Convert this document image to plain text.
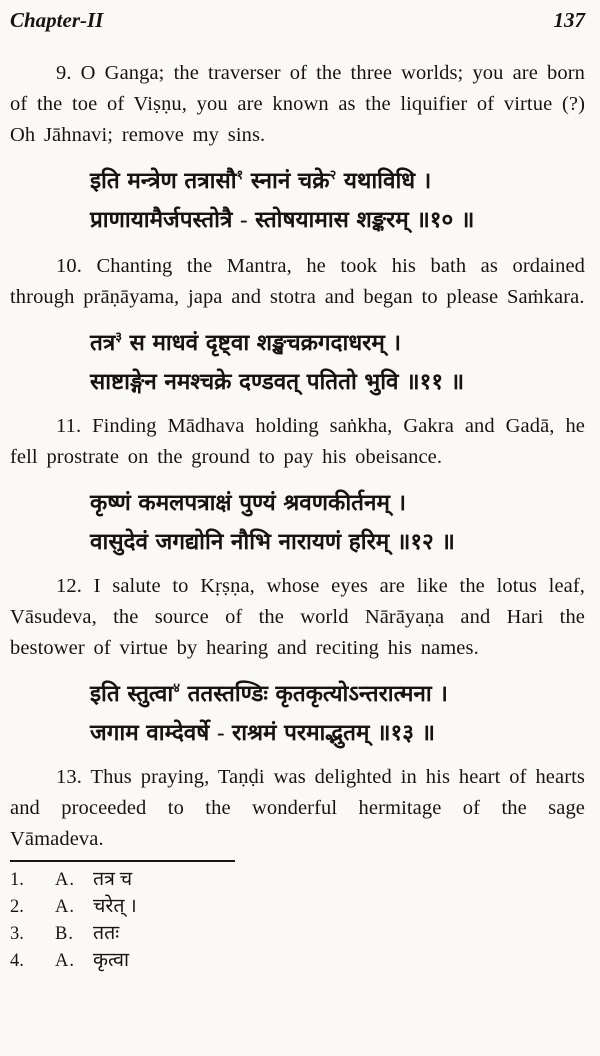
Chapter-II	137

9. O Ganga; the traverser of the three worlds; you are born of the toe of Viṣṇu, you are known as the liquifier of virtue (?) Oh Jāhnavi; remove my sins.

इति मन्त्रेण तत्रासौ$^१$ स्नानं चक्रे$^२$ यथाविधि ।
प्राणायामैर्जपस्तोत्रै - स्तोषयामास शङ्करम् ॥१० ॥

10. Chanting the Mantra, he took his bath as ordained through prāṇāyama, japa and stotra and began to please Saṁkara.

तत्र$^३$ स माधवं दृष्ट्वा शङ्खचक्रगदाधरम् ।
साष्टाङ्गेन नमश्चक्रे दण्डवत् पतितो भुवि ॥११ ॥

11. Finding Mādhava holding saṅkha, Gakra and Gadā, he fell prostrate on the ground to pay his obeisance.

कृष्णं कमलपत्राक्षं पुण्यं श्रवणकीर्तनम् ।
वासुदेवं जगद्योनि नौभि नारायणं हरिम् ॥१२ ॥

12. I salute to Kṛṣṇa, whose eyes are like the lotus leaf, Vāsudeva, the source of the world Nārāyaṇa and Hari the bestower of virtue by hearing and reciting his names.

इति स्तुत्वा$^४$ ततस्तण्डिः कृतकृत्योऽन्तरात्मना ।
जगाम वाम्देवर्षे - राश्रमं परमाद्भुतम् ॥१३ ॥

13. Thus praying, Taṇḍi was delighted in his heart of hearts and proceeded to the wonderful hermitage of the sage Vāmadeva.

1.	A. तत्र च
2.	A. चरेत् ।
3.	B. ततः
4.	A. कृत्वा
